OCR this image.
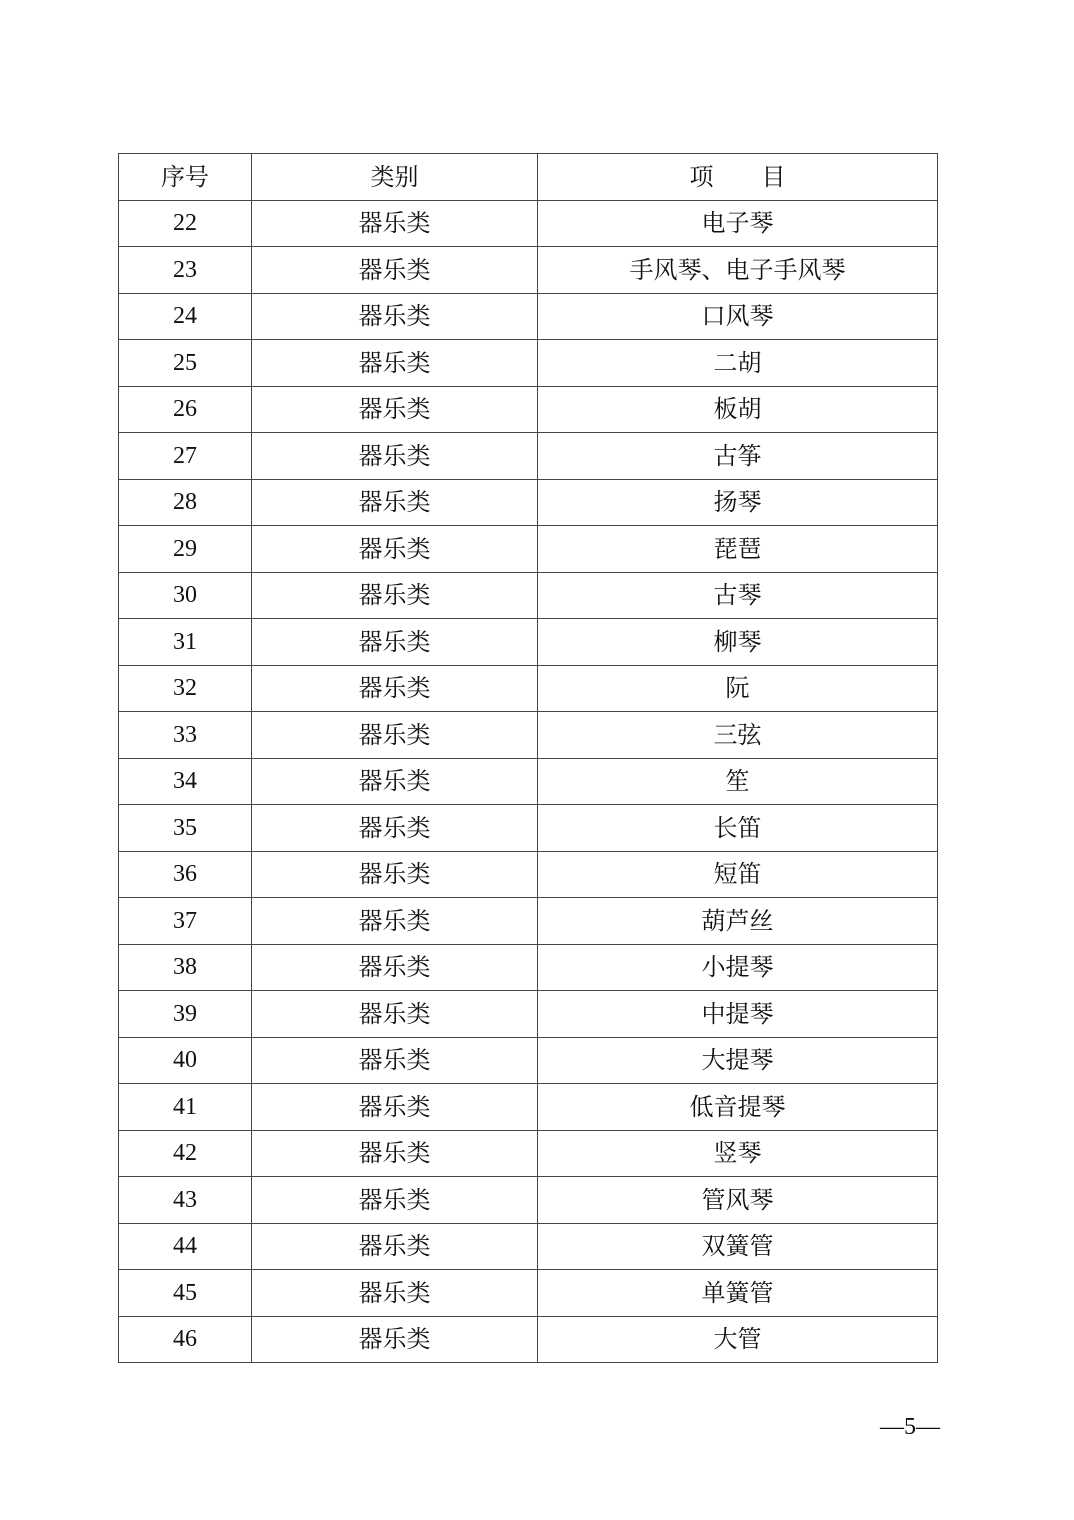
序号	类别	项　　目
22	器乐类	电子琴
23	器乐类	手风琴、电子手风琴
24	器乐类	口风琴
25	器乐类	二胡
26	器乐类	板胡
27	器乐类	古筝
28	器乐类	扬琴
29	器乐类	琵琶
30	器乐类	古琴
31	器乐类	柳琴
32	器乐类	阮
33	器乐类	三弦
34	器乐类	笙
35	器乐类	长笛
36	器乐类	短笛
37	器乐类	葫芦丝
38	器乐类	小提琴
39	器乐类	中提琴
40	器乐类	大提琴
41	器乐类	低音提琴
42	器乐类	竖琴
43	器乐类	管风琴
44	器乐类	双簧管
45	器乐类	单簧管
46	器乐类	大管
—5—
